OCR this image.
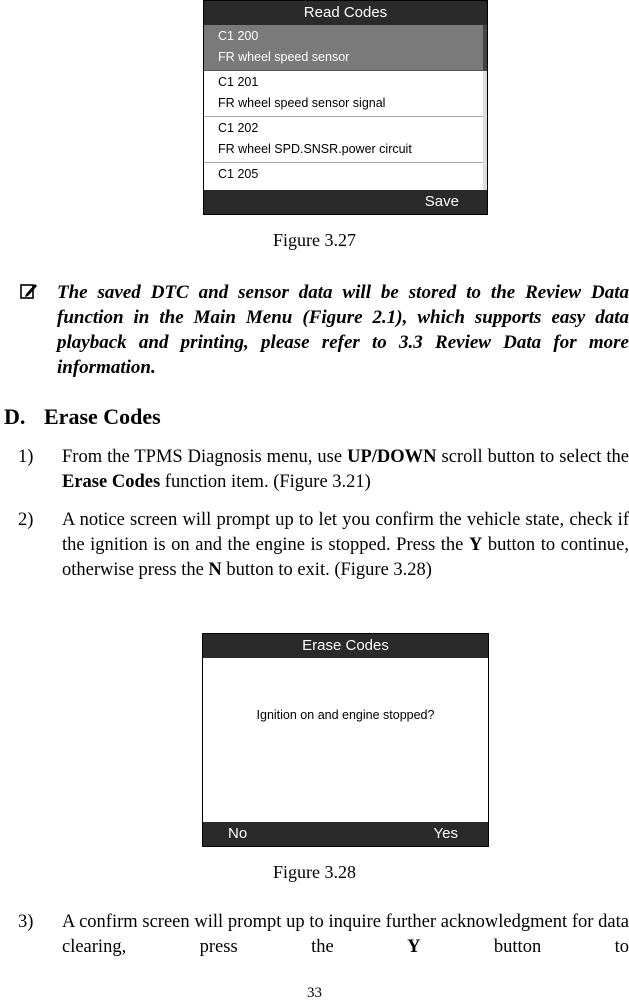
Read Codes
C1 200
FR wheel speed sensor
C1 201
FR wheel speed sensor signal
C1 202
FR wheel SPD.SNSR.power circuit
C1 205
Save
Figure 3.27
The saved DTC and sensor data will be stored to the Review Data function in the Main Menu (Figure 2.1), which supports easy data playback and printing, please refer to 3.3 Review Data for more information.
D. Erase Codes
1) From the TPMS Diagnosis menu, use UP/DOWN scroll button to select the Erase Codes function item. (Figure 3.21)
2) A notice screen will prompt up to let you confirm the vehicle state, check if the ignition is on and the engine is stopped. Press the Y button to continue, otherwise press the N button to exit. (Figure 3.28)
Erase Codes
Ignition on and engine stopped?
No	Yes
Figure 3.28
3) A confirm screen will prompt up to inquire further acknowledgment for data clearing, press the Y button to
33
